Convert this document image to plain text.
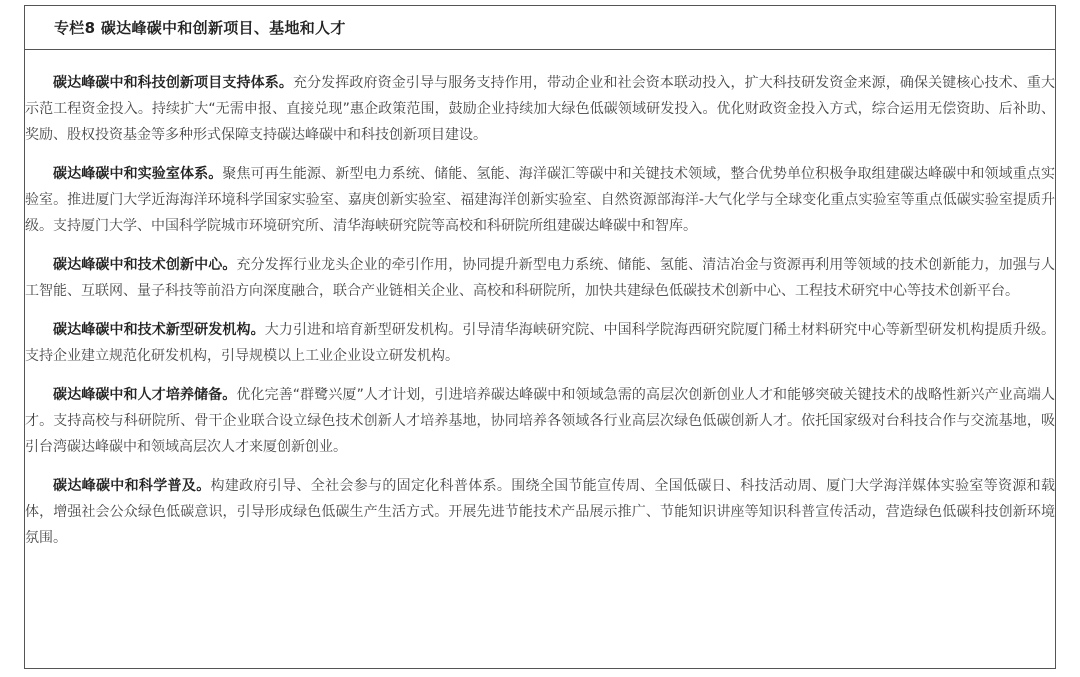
专栏8 碳达峰碳中和创新项目、基地和人才

碳达峰碳中和科技创新项目支持体系。充分发挥政府资金引导与服务支持作用，带动企业和社会资本联动投入，扩大科技研发资金来源，确保关键核心技术、重大示范工程资金投入。持续扩大“无需申报、直接兑现”惠企政策范围，鼓励企业持续加大绿色低碳领域研发投入。优化财政资金投入方式，综合运用无偿资助、后补助、奖励、股权投资基金等多种形式保障支持碳达峰碳中和科技创新项目建设。

碳达峰碳中和实验室体系。聚焦可再生能源、新型电力系统、储能、氢能、海洋碳汇等碳中和关键技术领域，整合优势单位积极争取组建碳达峰碳中和领域重点实验室。推进厦门大学近海海洋环境科学国家实验室、嘉庚创新实验室、福建海洋创新实验室、自然资源部海洋-大气化学与全球变化重点实验室等重点低碳实验室提质升级。支持厦门大学、中国科学院城市环境研究所、清华海峡研究院等高校和科研院所组建碳达峰碳中和智库。

碳达峰碳中和技术创新中心。充分发挥行业龙头企业的牵引作用，协同提升新型电力系统、储能、氢能、清洁冶金与资源再利用等领域的技术创新能力，加强与人工智能、互联网、量子科技等前沿方向深度融合，联合产业链相关企业、高校和科研院所，加快共建绿色低碳技术创新中心、工程技术研究中心等技术创新平台。

碳达峰碳中和技术新型研发机构。大力引进和培育新型研发机构。引导清华海峡研究院、中国科学院海西研究院厦门稀土材料研究中心等新型研发机构提质升级。支持企业建立规范化研发机构，引导规模以上工业企业设立研发机构。

碳达峰碳中和人才培养储备。优化完善“群鹭兴厦”人才计划，引进培养碳达峰碳中和领域急需的高层次创新创业人才和能够突破关键技术的战略性新兴产业高端人才。支持高校与科研院所、骨干企业联合设立绿色技术创新人才培养基地，协同培养各领域各行业高层次绿色低碳创新人才。依托国家级对台科技合作与交流基地，吸引台湾碳达峰碳中和领域高层次人才来厦创新创业。

碳达峰碳中和科学普及。构建政府引导、全社会参与的固定化科普体系。围绕全国节能宣传周、全国低碳日、科技活动周、厦门大学海洋媒体实验室等资源和载体，增强社会公众绿色低碳意识，引导形成绿色低碳生产生活方式。开展先进节能技术产品展示推广、节能知识讲座等知识科普宣传活动，营造绿色低碳科技创新环境氛围。
